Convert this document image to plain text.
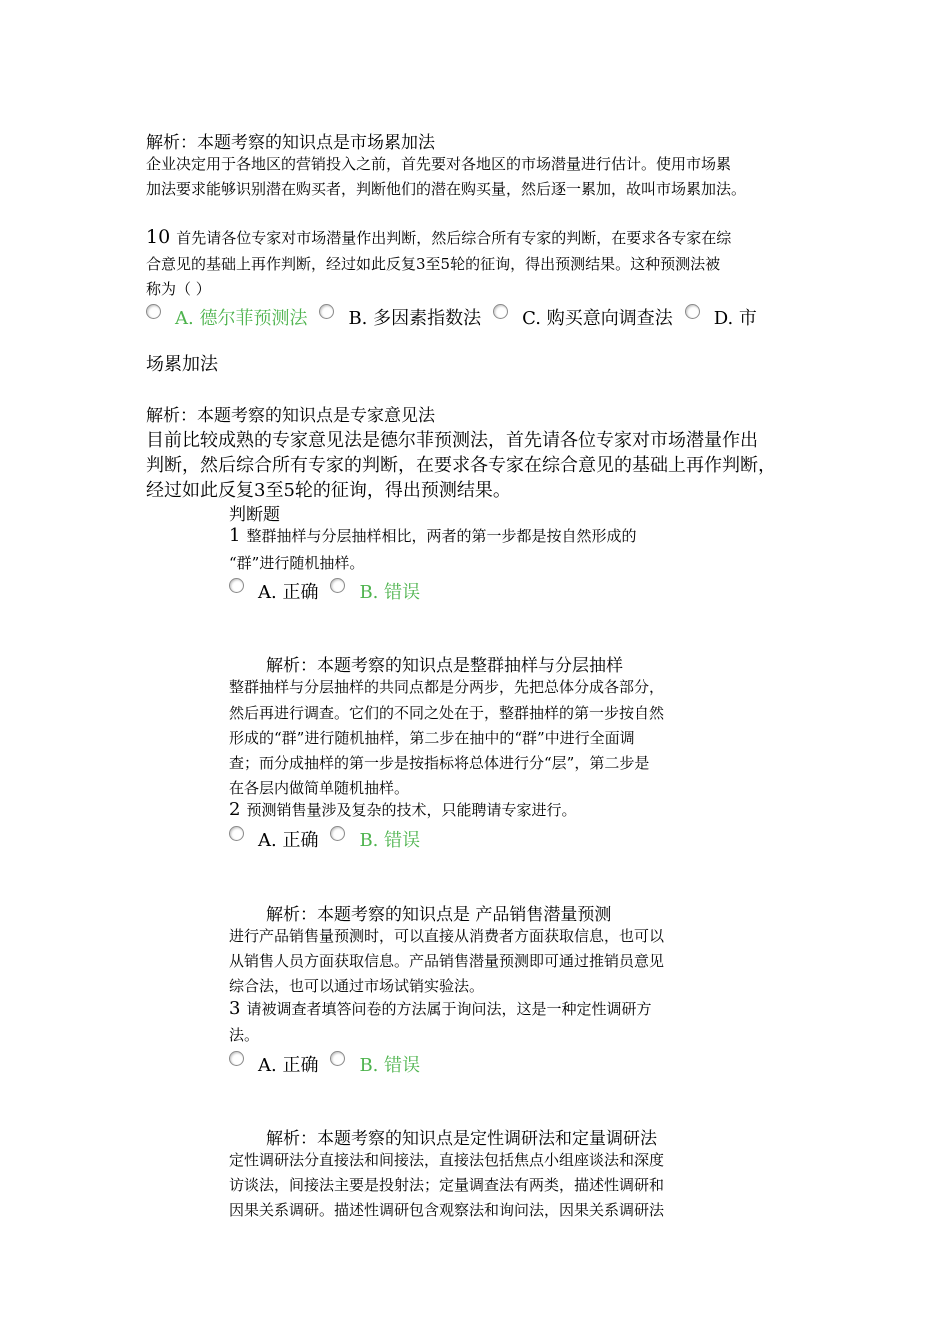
解析：本题考察的知识点是市场累加法
企业决定用于各地区的营销投入之前，首先要对各地区的市场潜量进行估计。使用市场累
加法要求能够识别潜在购买者，判断他们的潜在购买量，然后逐一累加，故叫市场累加法。
10 首先请各位专家对市场潜量作出判断，然后综合所有专家的判断，在要求各专家在综
合意见的基础上再作判断，经过如此反复3至5轮的征询，得出预测结果。这种预测法被
称为（ ）
A. 德尔菲预测法 B. 多因素指数法 C. 购买意向调查法 D. 市
场累加法
解析：本题考察的知识点是专家意见法
目前比较成熟的专家意见法是德尔菲预测法，首先请各位专家对市场潜量作出
判断，然后综合所有专家的判断，在要求各专家在综合意见的基础上再作判断，
经过如此反复3至5轮的征询，得出预测结果。
判断题
1 整群抽样与分层抽样相比，两者的第一步都是按自然形成的
“群”进行随机抽样。
A. 正确 B. 错误
解析：本题考察的知识点是整群抽样与分层抽样
整群抽样与分层抽样的共同点都是分两步，先把总体分成各部分，
然后再进行调查。它们的不同之处在于，整群抽样的第一步按自然
形成的“群”进行随机抽样，第二步在抽中的“群”中进行全面调
查；而分成抽样的第一步是按指标将总体进行分“层”，第二步是
在各层内做简单随机抽样。
2 预测销售量涉及复杂的技术，只能聘请专家进行。
A. 正确 B. 错误
解析：本题考察的知识点是 产品销售潜量预测
进行产品销售量预测时，可以直接从消费者方面获取信息，也可以
从销售人员方面获取信息。产品销售潜量预测即可通过推销员意见
综合法，也可以通过市场试销实验法。
3 请被调查者填答问卷的方法属于询问法，这是一种定性调研方
法。
A. 正确 B. 错误
解析：本题考察的知识点是定性调研法和定量调研法
定性调研法分直接法和间接法，直接法包括焦点小组座谈法和深度
访谈法，间接法主要是投射法；定量调查法有两类，描述性调研和
因果关系调研。描述性调研包含观察法和询问法，因果关系调研法
